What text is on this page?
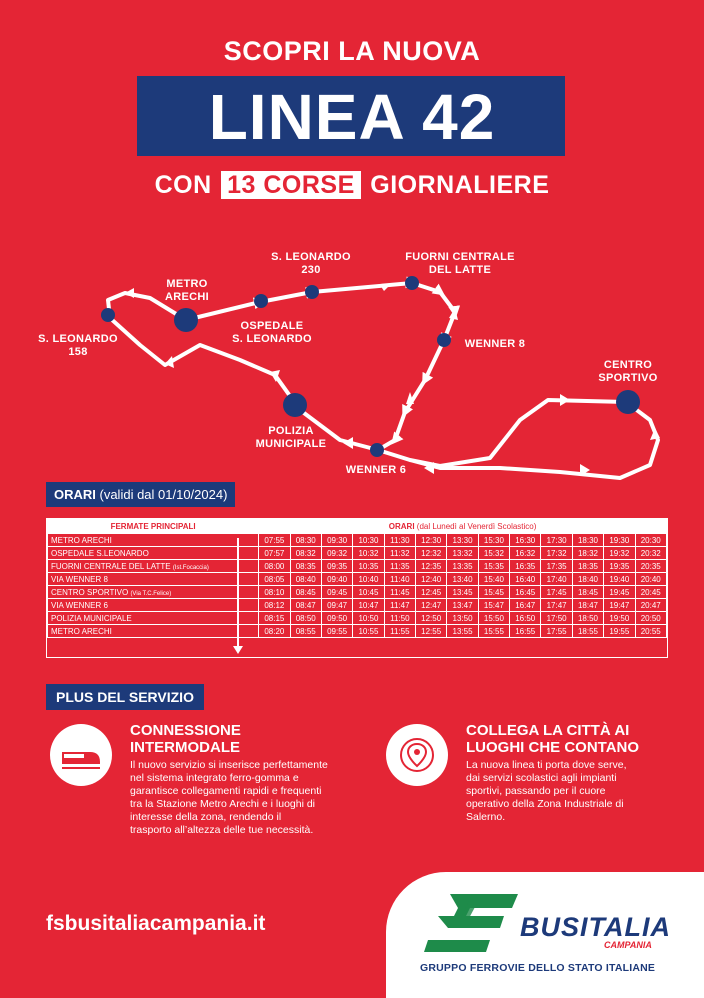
SCOPRI LA NUOVA
LINEA 42
CON 13 CORSE GIORNALIERE
S. LEONARDO
158
METRO
ARECHI
S. LEONARDO
230
OSPEDALE
S. LEONARDO
FUORNI CENTRALE
DEL LATTE
WENNER 8
CENTRO
SPORTIVO
POLIZIA
MUNICIPALE
WENNER 6
ORARI (validi dal 01/10/2024)
FERMATE PRINCIPALI	ORARI (dal Lunedì al Venerdì Scolastico)												
METRO ARECHI	07:55	08:30	09:30	10:30	11:30	12:30	13:30	15:30	16:30	17:30	18:30	19:30	20:30
OSPEDALE S.LEONARDO	07:57	08:32	09:32	10:32	11:32	12:32	13:32	15:32	16:32	17:32	18:32	19:32	20:32
FUORNI CENTRALE DEL LATTE (Ist.Focaccia)	08:00	08:35	09:35	10:35	11:35	12:35	13:35	15:35	16:35	17:35	18:35	19:35	20:35
VIA WENNER 8	08:05	08:40	09:40	10:40	11:40	12:40	13:40	15:40	16:40	17:40	18:40	19:40	20:40
CENTRO SPORTIVO (Via T.C.Felice)	08:10	08:45	09:45	10:45	11:45	12:45	13:45	15:45	16:45	17:45	18:45	19:45	20:45
VIA WENNER 6	08:12	08:47	09:47	10:47	11:47	12:47	13:47	15:47	16:47	17:47	18:47	19:47	20:47
POLIZIA MUNICIPALE	08:15	08:50	09:50	10:50	11:50	12:50	13:50	15:50	16:50	17:50	18:50	19:50	20:50
METRO ARECHI	08:20	08:55	09:55	10:55	11:55	12:55	13:55	15:55	16:55	17:55	18:55	19:55	20:55
PLUS DEL SERVIZIO
CONNESSIONE
INTERMODALE
Il nuovo servizio si inserisce perfettamente
nel sistema integrato ferro-gomma e
garantisce collegamenti rapidi e frequenti
tra la Stazione Metro Arechi e i luoghi di
interesse della zona, rendendo il
trasporto all’altezza delle tue necessità.
COLLEGA LA CITTÀ AI
LUOGHI CHE CONTANO
La nuova linea ti porta dove serve,
dai servizi scolastici agli impianti
sportivi, passando per il cuore
operativo della Zona Industriale di
Salerno.
fsbusitaliacampania.it	BUSITALIA
CAMPANIA
GRUPPO FERROVIE DELLO STATO ITALIANE
